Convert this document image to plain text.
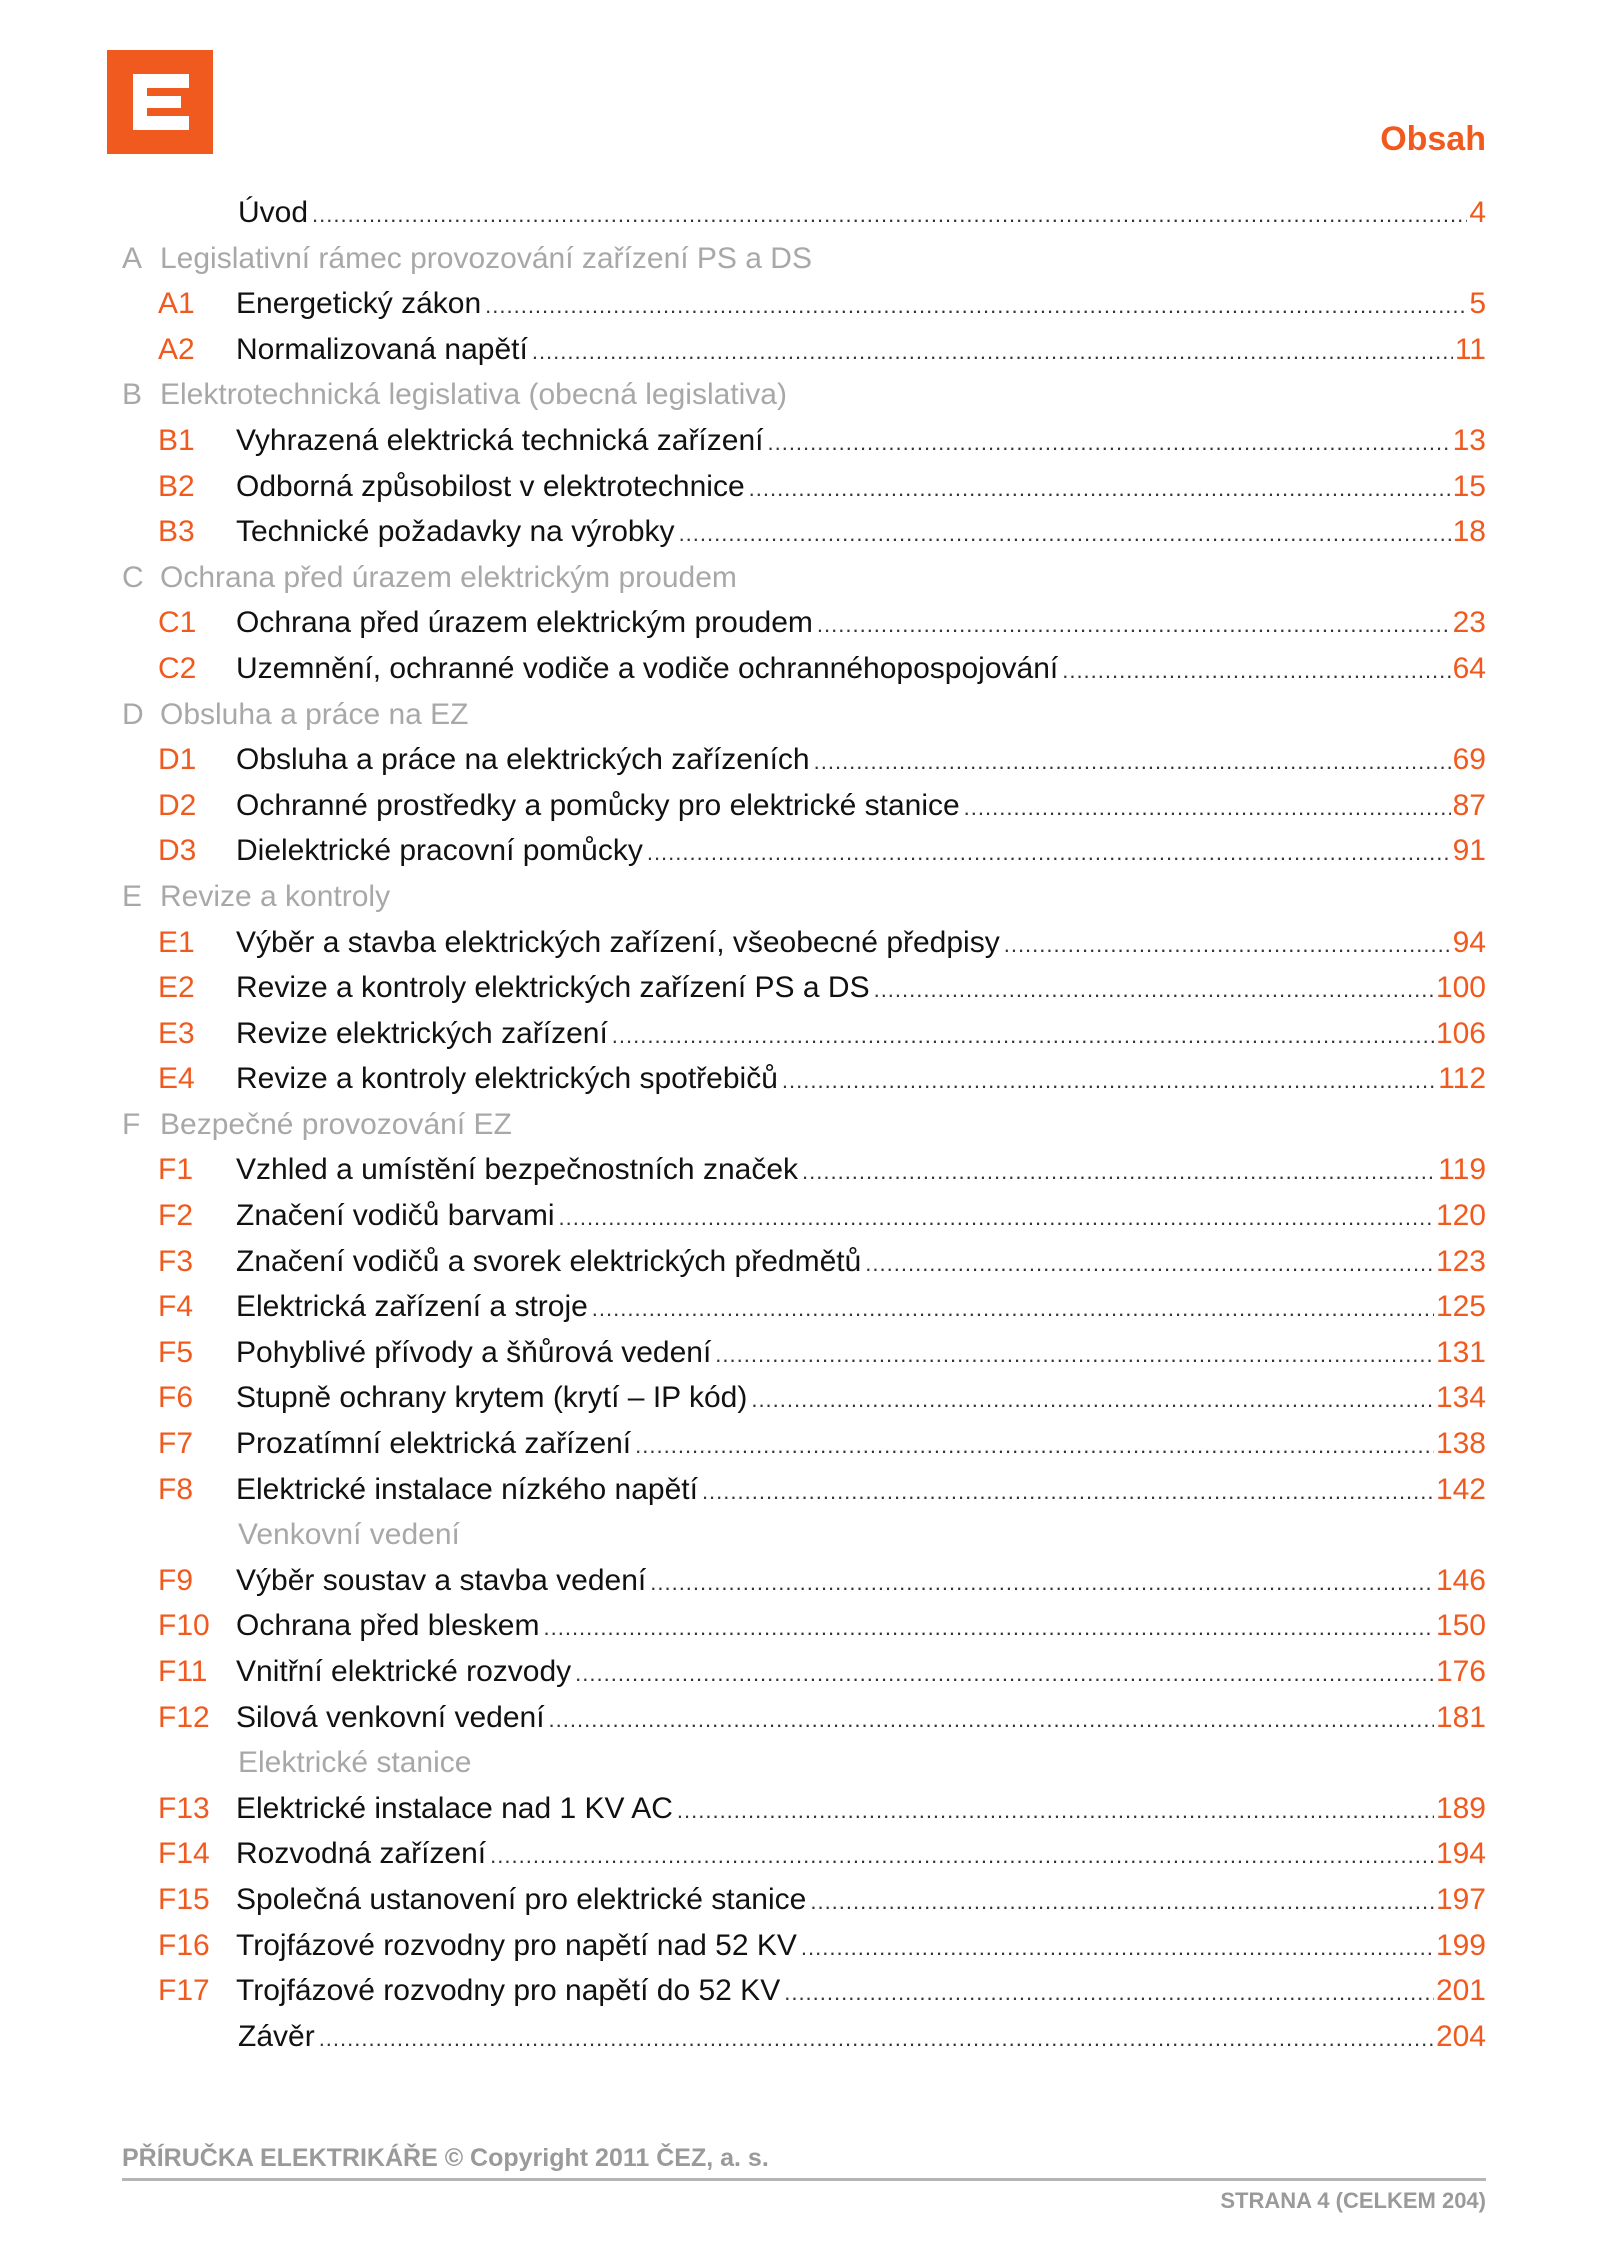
Obsah
Úvod .....	4
A Legislativní rámec provozování zařízení PS a DS
A1	Energetický zákon .....	5
A2	Normalizovaná napětí .....	11
B Elektrotechnická legislativa (obecná legislativa)
B1	Vyhrazená elektrická technická zařízení .....	13
B2	Odborná způsobilost v elektrotechnice .....	15
B3	Technické požadavky na výrobky .....	18
C Ochrana před úrazem elektrickým proudem
C1	Ochrana před úrazem elektrickým proudem .....	23
C2	Uzemnění, ochranné vodiče a vodiče ochrannéhopospojování .....	64
D Obsluha a práce na EZ
D1	Obsluha a práce na elektrických zařízeních .....	69
D2	Ochranné prostředky a pomůcky pro elektrické stanice .....	87
D3	Dielektrické pracovní pomůcky .....	91
E Revize a kontroly
E1	Výběr a stavba elektrických zařízení, všeobecné předpisy .....	94
E2	Revize a kontroly elektrických zařízení PS a DS .....	100
E3	Revize elektrických zařízení .....	106
E4	Revize a kontroly elektrických spotřebičů .....	112
F Bezpečné provozování EZ
F1	Vzhled a umístění bezpečnostních značek .....	119
F2	Značení vodičů barvami .....	120
F3	Značení vodičů a svorek elektrických předmětů .....	123
F4	Elektrická zařízení a stroje .....	125
F5	Pohyblivé přívody a šňůrová vedení .....	131
F6	Stupně ochrany krytem (krytí – IP kód) .....	134
F7	Prozatímní elektrická zařízení .....	138
F8	Elektrické instalace nízkého napětí .....	142
Venkovní vedení
F9	Výběr soustav a stavba vedení .....	146
F10 Ochrana před bleskem .....	150
F11 Vnitřní elektrické rozvody .....	176
F12 Silová venkovní vedení .....	181
Elektrické stanice
F13 Elektrické instalace nad 1 KV AC .....	189
F14 Rozvodná zařízení .....	194
F15 Společná ustanovení pro elektrické stanice .....	197
F16 Trojfázové rozvodny pro napětí nad 52 KV .....	199
F17 Trojfázové rozvodny pro napětí do 52 KV .....	201
Závěr .....	204
PŘÍRUČKA ELEKTRIKÁŘE © Copyright 2011 ČEZ, a. s.
STRANA 4 (CELKEM 204)
